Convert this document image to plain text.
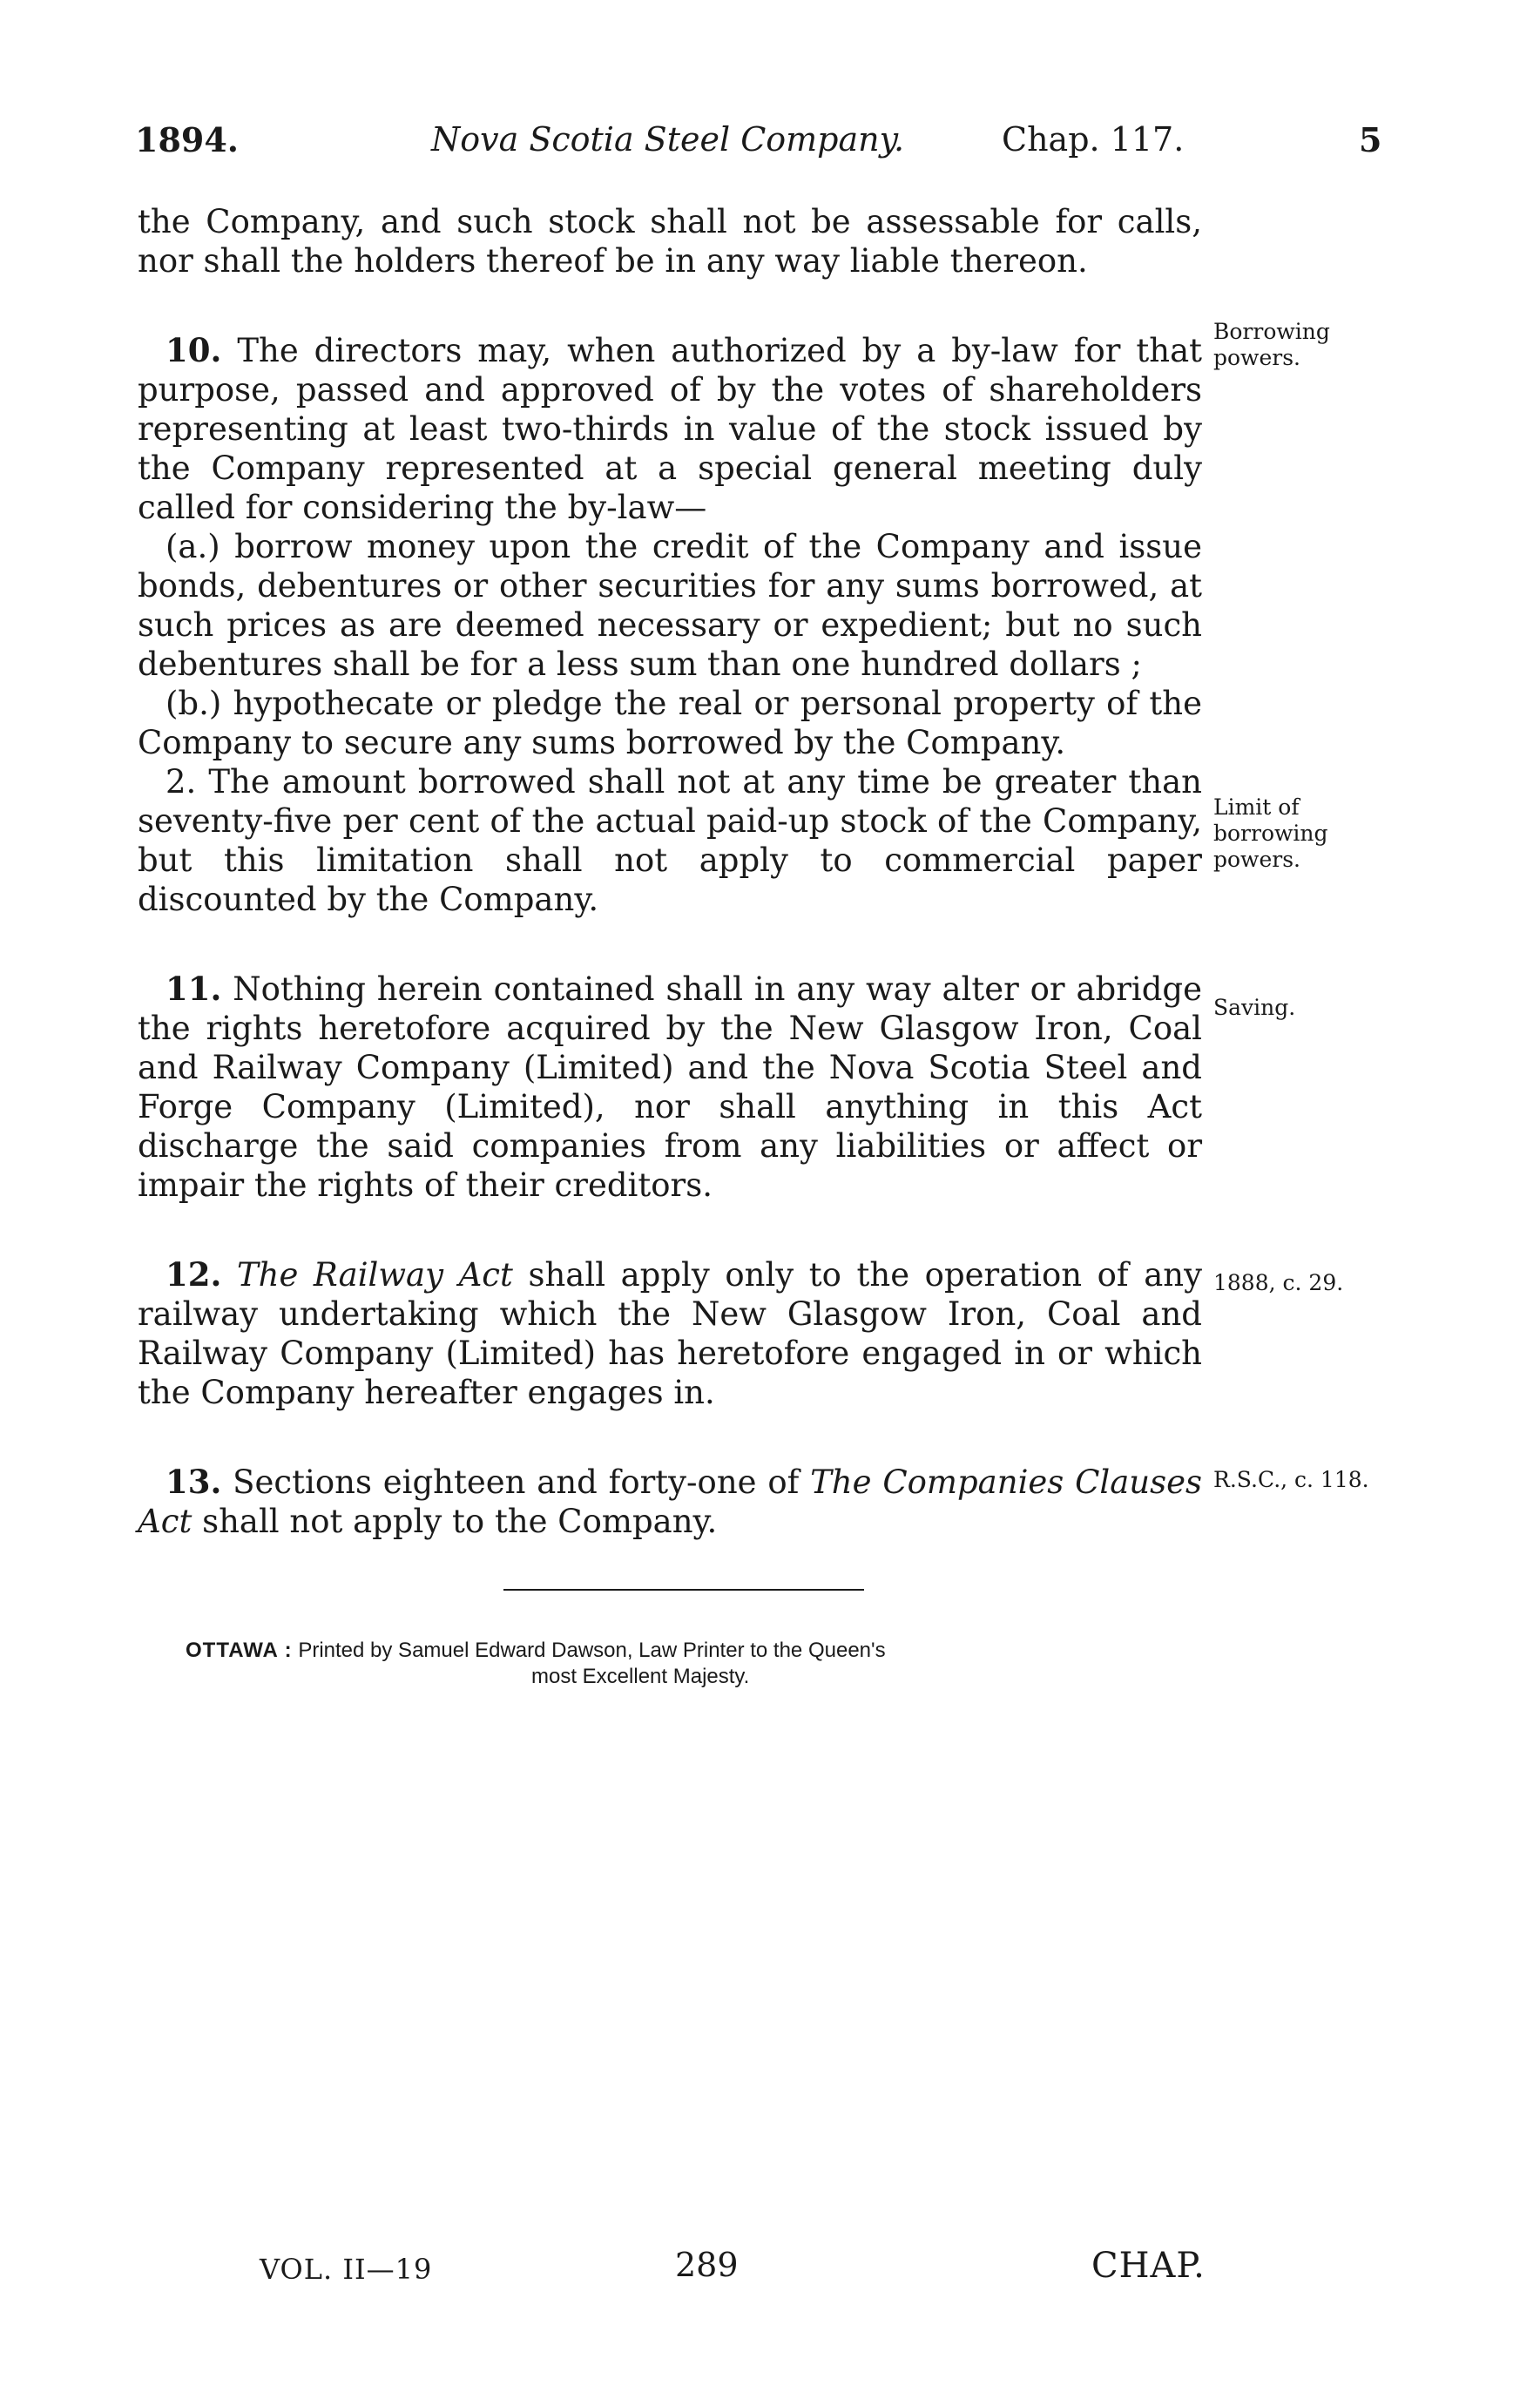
1894.	Nova Scotia Steel Company.	Chap. 117.	5

the Company, and such stock shall not be assessable for calls, nor shall the holders thereof be in any way liable thereon.

10. The directors may, when authorized by a by-law for that purpose, passed and approved of by the votes of shareholders representing at least two-thirds in value of the stock issued by the Company represented at a special general meeting duly called for considering the by-law—

(a.) borrow money upon the credit of the Company and issue bonds, debentures or other securities for any sums borrowed, at such prices as are deemed necessary or expedient; but no such debentures shall be for a less sum than one hundred dollars ;

(b.) hypothecate or pledge the real or personal property of the Company to secure any sums borrowed by the Company.

2. The amount borrowed shall not at any time be greater than seventy-five per cent of the actual paid-up stock of the Company, but this limitation shall not apply to commercial paper discounted by the Company.

11. Nothing herein contained shall in any way alter or abridge the rights heretofore acquired by the New Glasgow Iron, Coal and Railway Company (Limited) and the Nova Scotia Steel and Forge Company (Limited), nor shall anything in this Act discharge the said companies from any liabilities or affect or impair the rights of their creditors.

12. The Railway Act shall apply only to the operation of any railway undertaking which the New Glasgow Iron, Coal and Railway Company (Limited) has heretofore engaged in or which the Company hereafter engages in.

13. Sections eighteen and forty-one of The Companies Clauses Act shall not apply to the Company.

Borrowing powers.
Limit of borrowing powers.
Saving.
1888, c. 29.
R.S.C., c. 118.
OTTAWA : Printed by Samuel Edward Dawson, Law Printer to the Queen's
most Excellent Majesty.
VOL. II—19	289	CHAP.
